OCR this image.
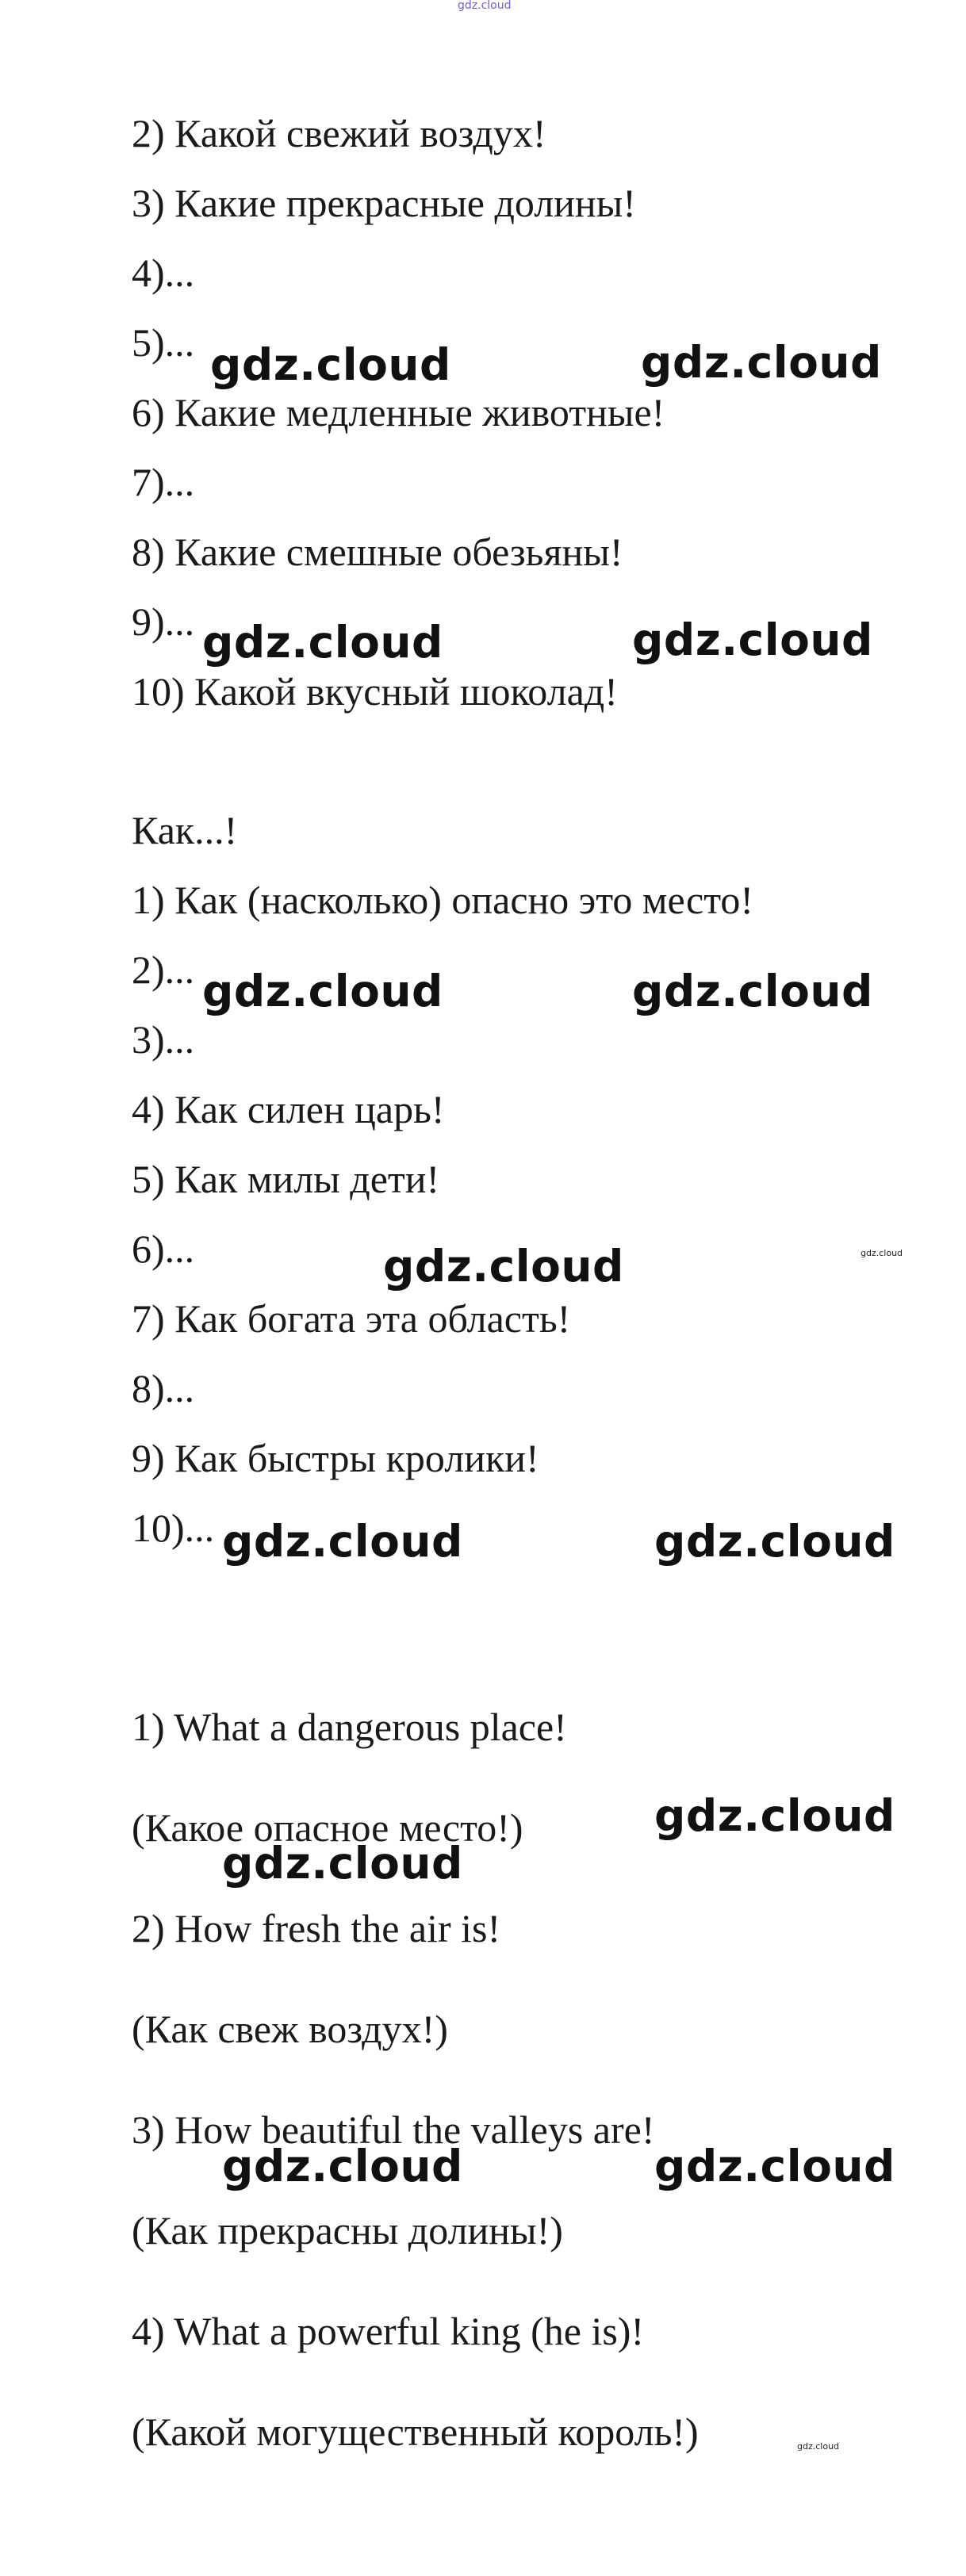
gdz.cloud
2) Какой свежий воздух!
3) Какие прекрасные долины!
4)...
5)...
6) Какие медленные животные!
7)...
8) Какие смешные обезьяны!
9)...
10) Какой вкусный шоколад!
Как...!
1) Как (насколько) опасно это место!
2)...
3)...
4) Как силен царь!
5) Как милы дети!
6)...
7) Как богата эта область!
8)...
9) Как быстры кролики!
10)...
1) What a dangerous place!
(Какое опасное место!)
2) How fresh the air is!
(Как свеж воздух!)
3) How beautiful the valleys are!
(Как прекрасны долины!)
4) What a powerful king (he is)!
(Какой могущественный король!)
gdz.cloud	gdz.cloud
gdz.cloud	gdz.cloud
gdz.cloud	gdz.cloud
gdz.cloud	gdz.cloud
gdz.cloud	gdz.cloud
gdz.cloud
gdz.cloud
gdz.cloud	gdz.cloud
gdz.cloud
